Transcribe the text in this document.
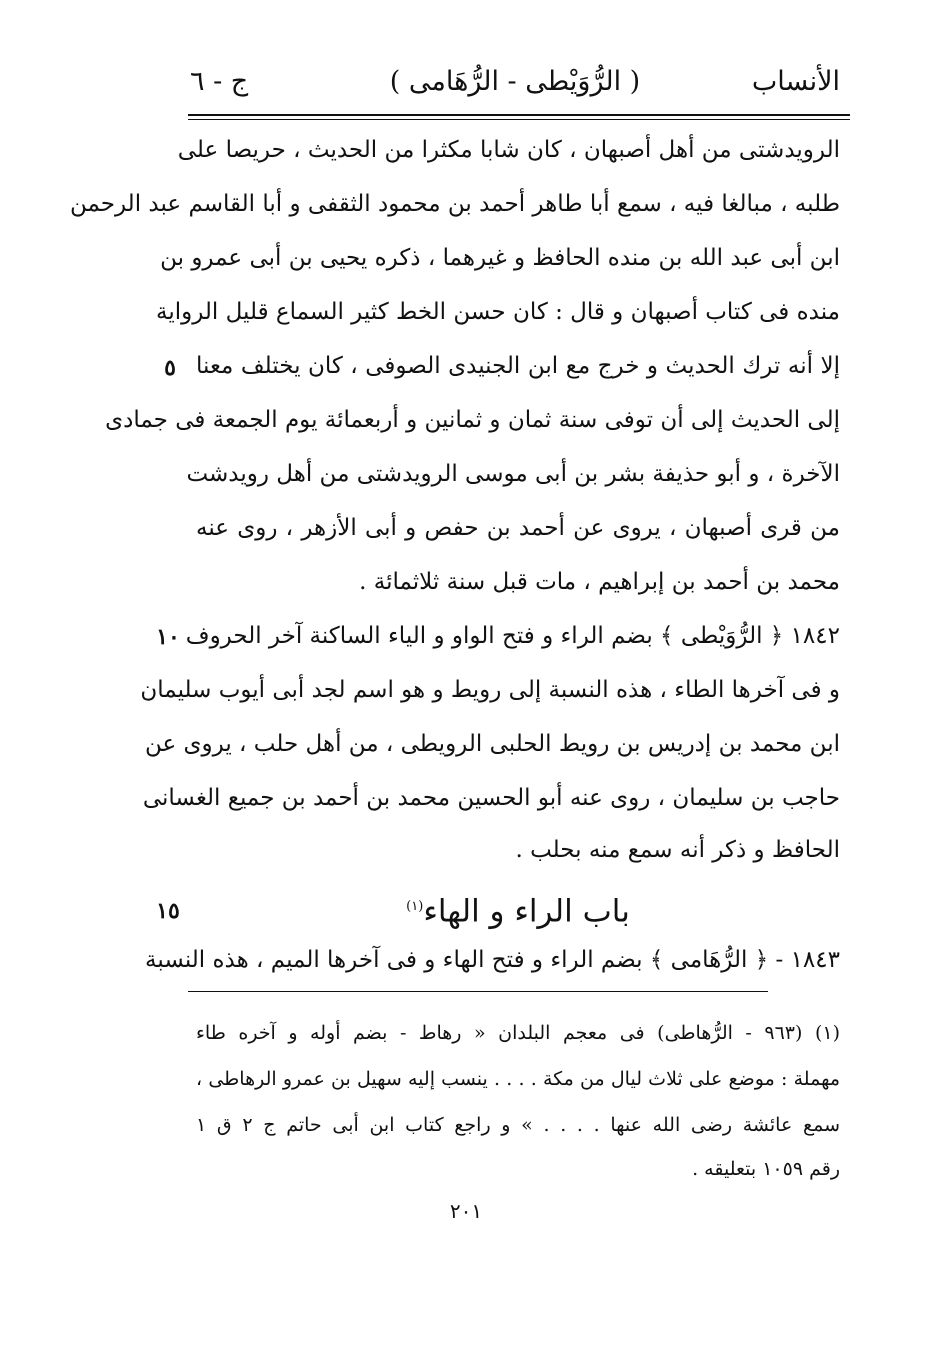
الأنساب
( الرُّوَيْطى - الرُّهَامى )
ج - ٦
الرويدشتى من أهل أصبهان ، كان شابا مكثرا من الحديث ، حريصا على
طلبه ، مبالغا فيه ، سمع أبا طاهر أحمد بن محمود الثقفى و أبا القاسم عبد الرحمن
ابن أبى عبد الله بن منده الحافظ و غيرهما ، ذكره يحيى بن أبى عمرو بن
منده فى كتاب أصبهان و قال : كان حسن الخط كثير السماع قليل الرواية
إلا أنه ترك الحديث و خرج مع ابن الجنيدى الصوفى ، كان يختلف معنا
إلى الحديث إلى أن توفى سنة ثمان و ثمانين و أربعمائة يوم الجمعة فى جمادى
الآخرة ، و أبو حذيفة بشر بن أبى موسى الرويدشتى من أهل رويدشت
من قرى أصبهان ، يروى عن أحمد بن حفص و أبى الأزهر ، روى عنه
محمد بن أحمد بن إبراهيم ، مات قبل سنة ثلاثمائة .
١٨٤٢ ﴿ الرُّوَيْطى ﴾ بضم الراء و فتح الواو و الياء الساكنة آخر الحروف
و فى آخرها الطاء ، هذه النسبة إلى رويط و هو اسم لجد أبى أيوب سليمان
ابن محمد بن إدريس بن رويط الحلبى الرويطى ، من أهل حلب ، يروى عن
حاجب بن سليمان ، روى عنه أبو الحسين محمد بن أحمد بن جميع الغسانى
الحافظ و ذكر أنه سمع منه بحلب .
٥
١٠
١٥	باب الراء و الهاء$^{(١)}$
١٨٤٣ - ﴿ الرُّهَامى ﴾ بضم الراء و فتح الهاء و فى آخرها الميم ، هذه النسبة
(١) (٩٦٣ - الرُّهاطى) فى معجم البلدان « رهاط - بضم أوله و آخره طاء
مهملة : موضع على ثلاث ليال من مكة . . . . ينسب إليه سهيل بن عمرو الرهاطى ،
سمع عائشة رضى الله عنها . . . . » و راجع كتاب ابن أبى حاتم ج ٢ ق ١
رقم ١٠٥٩ بتعليقه .
٢٠١
